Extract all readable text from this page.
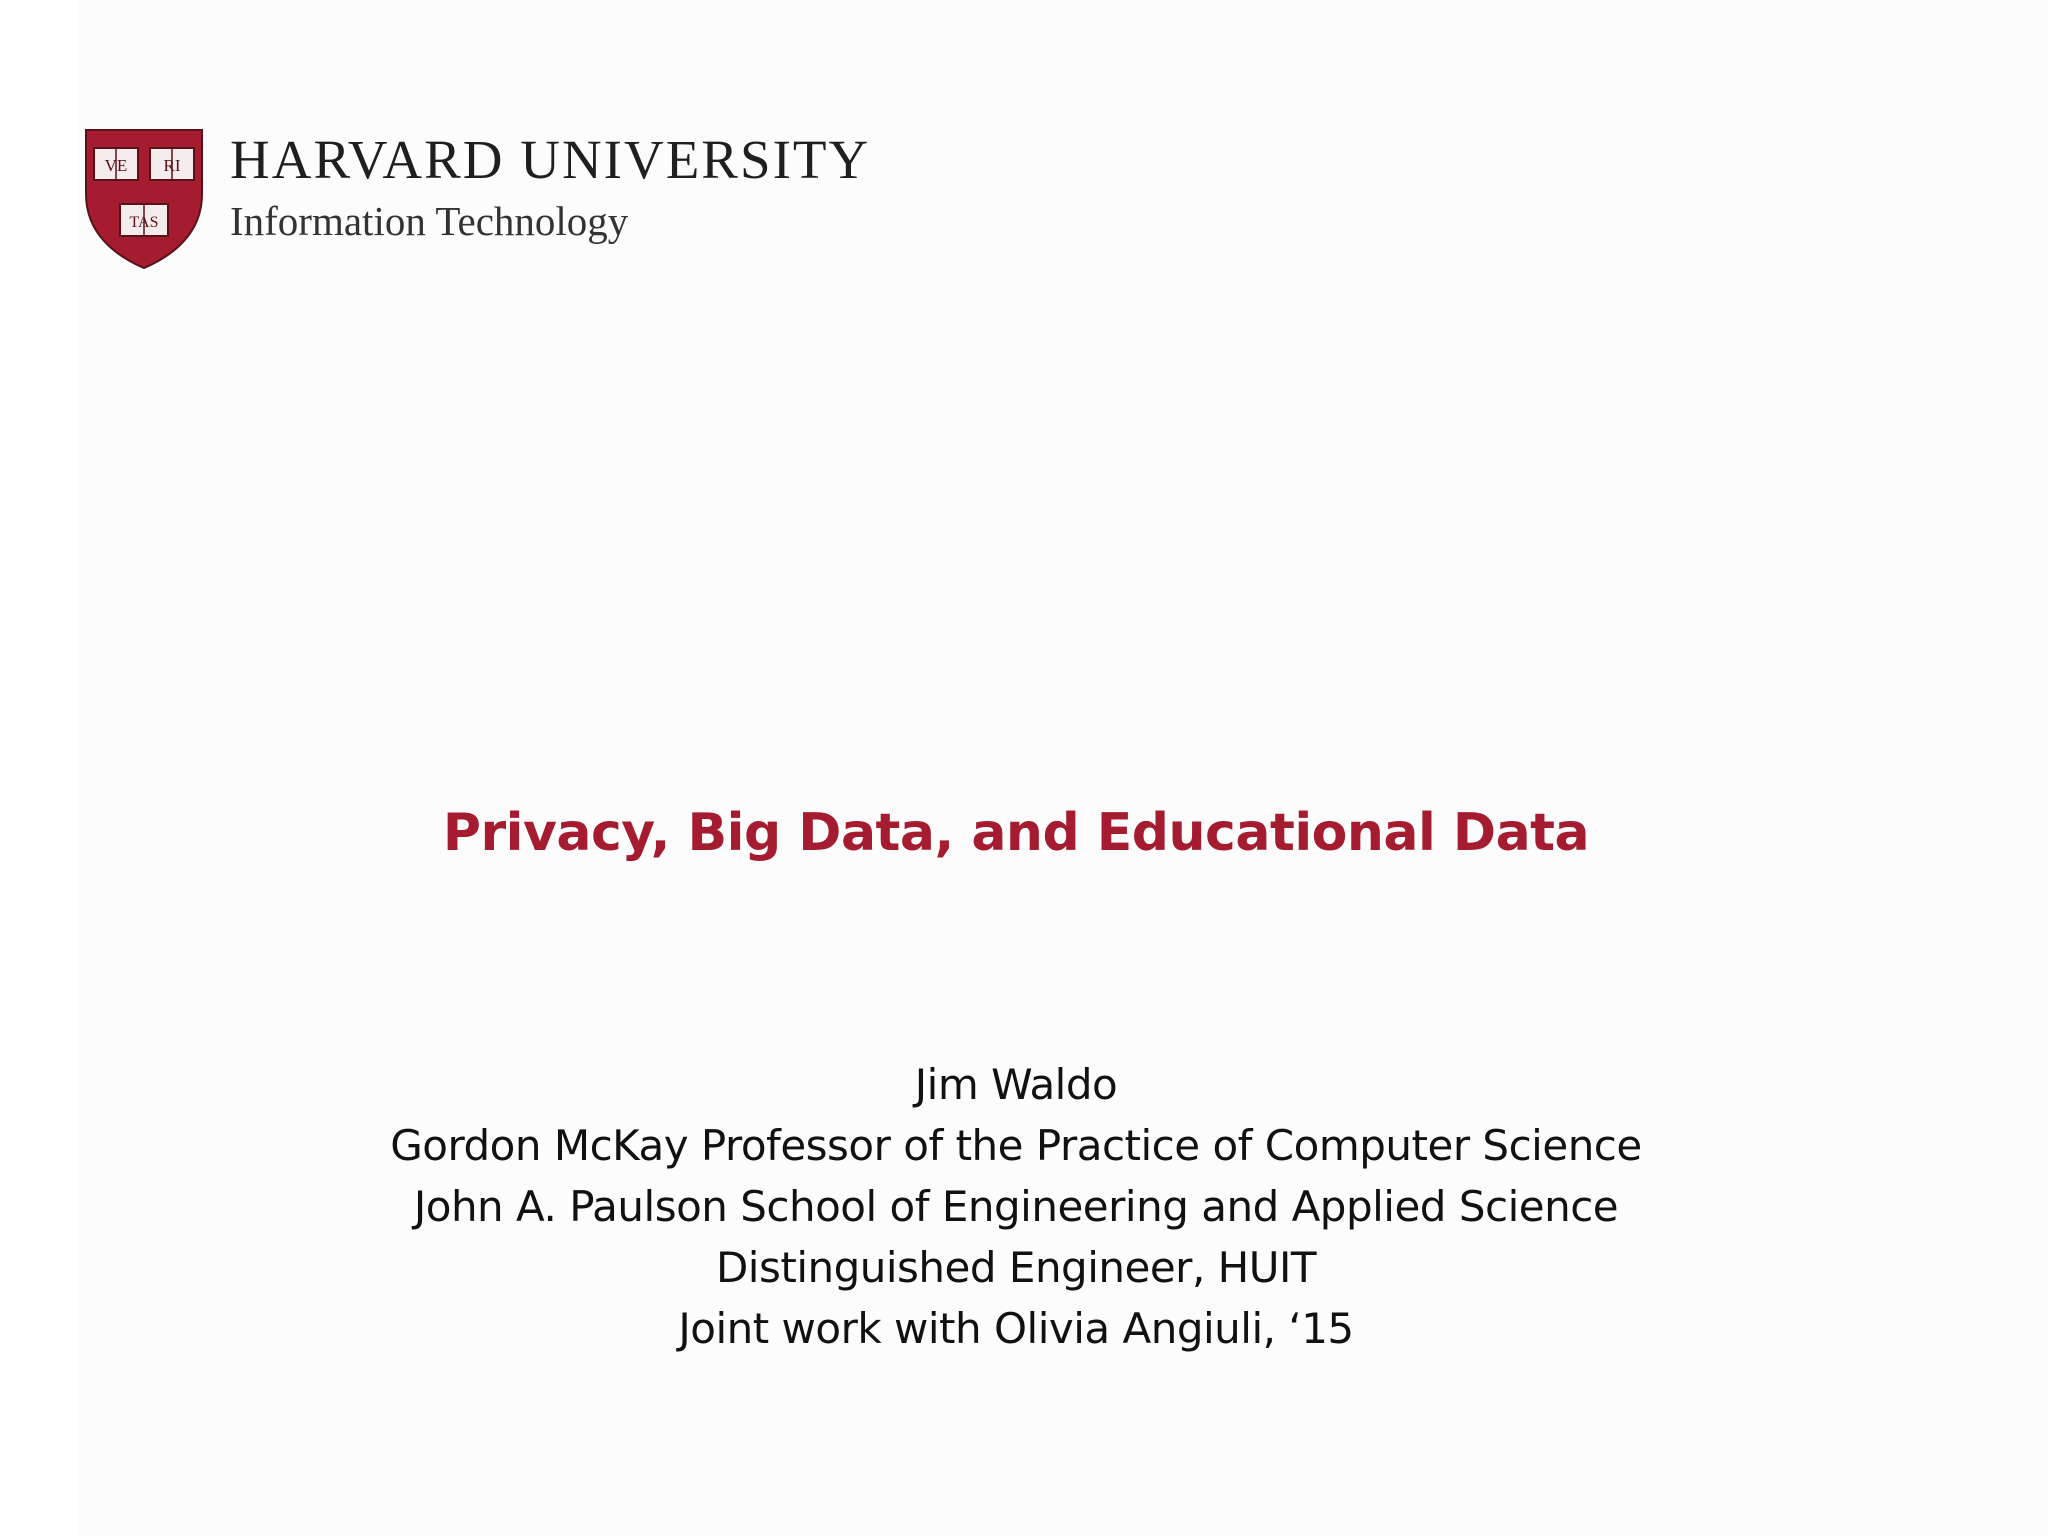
VE RI
TAS
HARVARD UNIVERSITY
Information Technology
Privacy, Big Data, and Educational Data
Jim Waldo
Gordon McKay Professor of the Practice of Computer Science
John A. Paulson School of Engineering and Applied Science
Distinguished Engineer, HUIT
Joint work with Olivia Angiuli, ‘15
